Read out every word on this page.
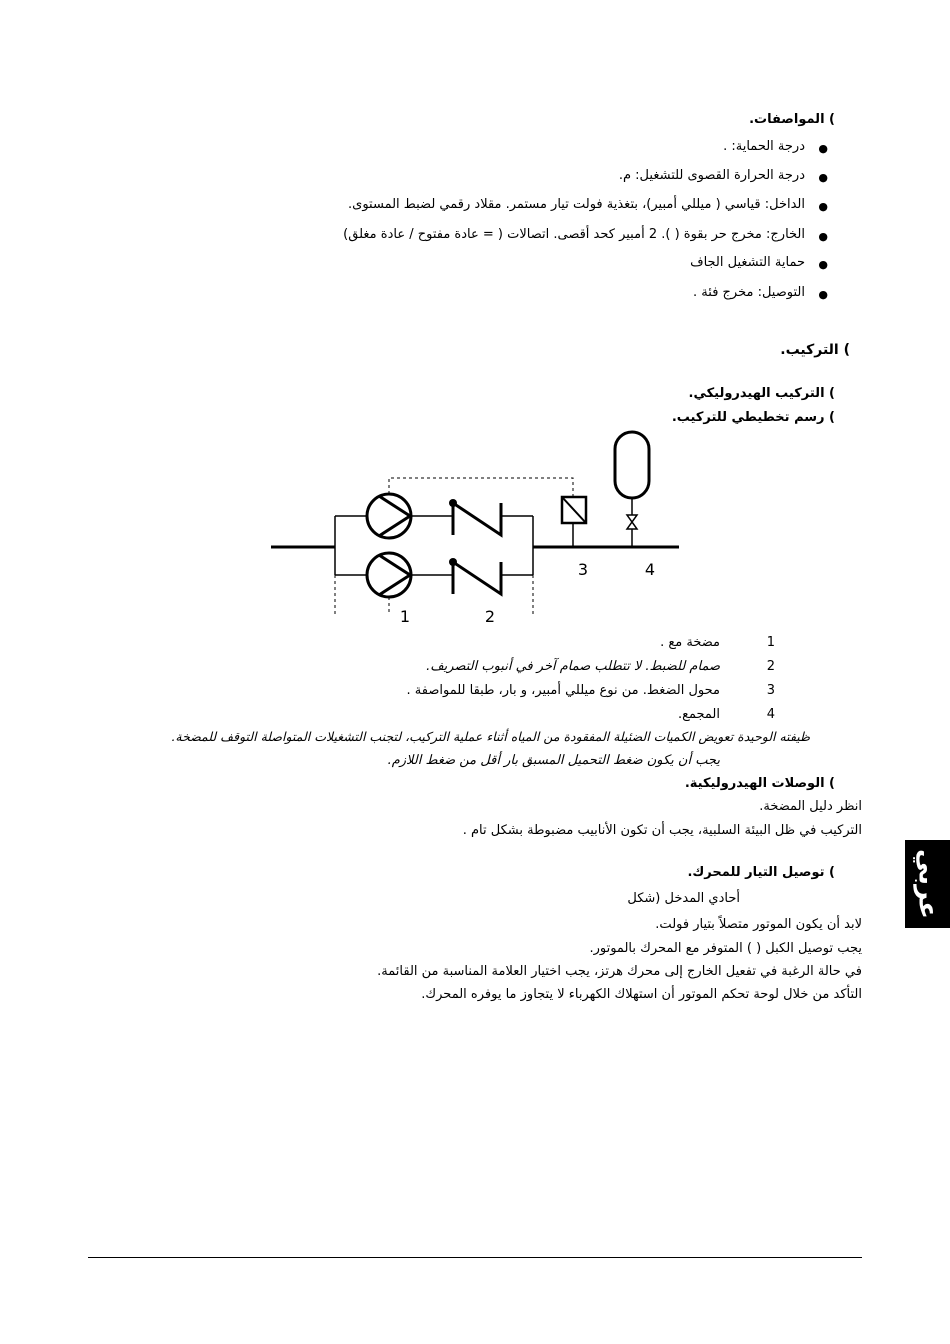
) المواصفات.
●
●
●
●
●
●
درجة الحماية: .
درجة الحرارة القصوى للتشغيل: م.
الداخل: قياسي ( ميللي أمبير)، بتغذية فولت تيار مستمر. مقلاد رقمي لضبط المستوى.
الخارج: مخرج حر بقوة ( ). 2 أمبير كحد أقصى. اتصالات ( = عادة مفتوح / عادة مغلق)
حماية التشغيل الجاف
التوصيل: مخرج فئة .
) التركيب.
) التركيب الهيدروليكي.
) رسم تخطيطي للتركيب.
1	2
3	4
1
مضخة مع .
2
صمام للضبط. لا تتطلب صمام آخر في أنبوب التصريف.
3
محول الضغط. من نوع ميللي أمبير، و بار، طبقا للمواصفة .
4
المجمع.
ظيفته الوحيدة تعويض الكميات الضئيلة المفقودة من المياه أثناء عملية التركيب، لتجنب التشغيلات المتواصلة التوقف للمضخة.
يجب أن يكون ضغط التحميل المسبق بار أقل من ضغط اللازم.
) الوصلات الهيدروليكية.
انظر دليل المضخة.
التركيب في ظل البيئة السلبية، يجب أن تكون الأنابيب مضبوطة بشكل تام .
) توصيل التيار للمحرك.
أحادي المدخل (شكل
لابد أن يكون الموتور متصلاً بتيار فولت.
يجب توصيل الكبل ( ) المتوفر مع المحرك بالموتور.
في حالة الرغبة في تفعيل الخارج إلى محرك هرتز، يجب اختيار العلامة المناسبة من القائمة.
التأكد من خلال لوحة تحكم الموتور أن استهلاك الكهرباء لا يتجاوز ما يوفره المحرك.
عربي
